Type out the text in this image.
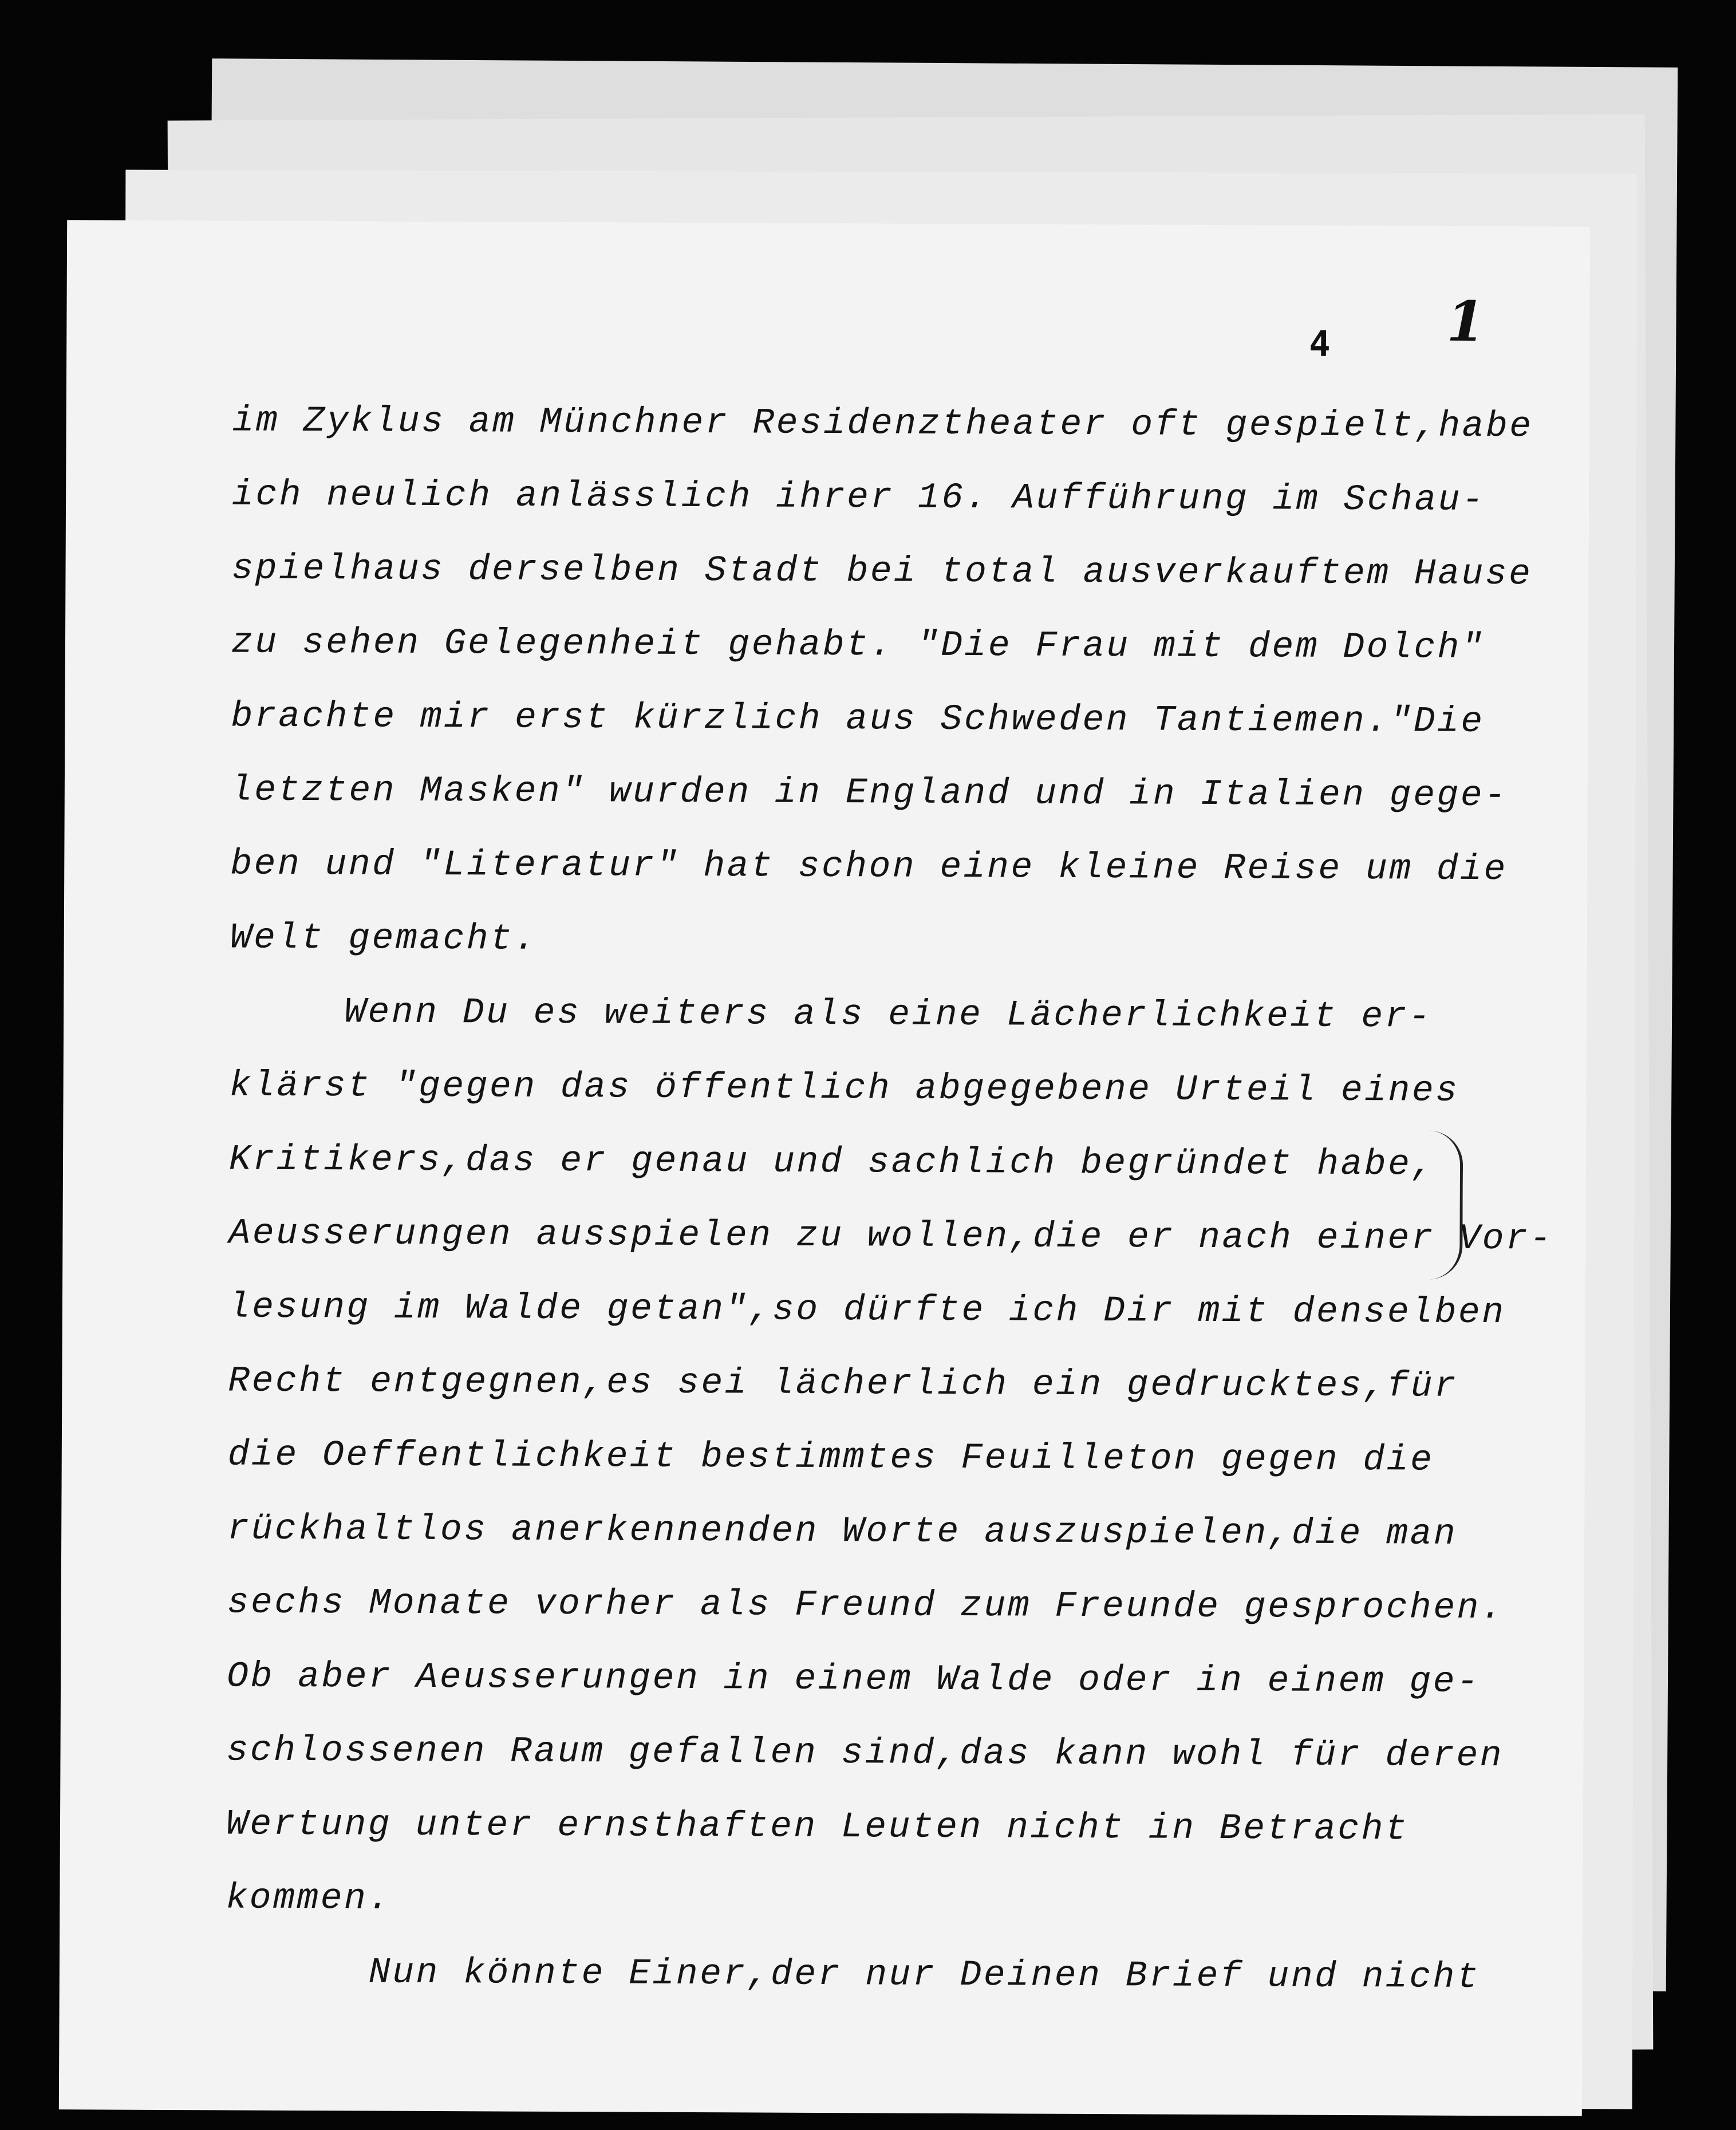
4 1
im Zyklus am Münchner Residenztheater oft gespielt,habe
ich neulich anlässlich ihrer 16. Aufführung im Schau-
spielhaus derselben Stadt bei total ausverkauftem Hause
zu sehen Gelegenheit gehabt. "Die Frau mit dem Dolch"
brachte mir erst kürzlich aus Schweden Tantiemen."Die
letzten Masken" wurden in England und in Italien gege-
ben und "Literatur" hat schon eine kleine Reise um die
Welt gemacht.
Wenn Du es weiters als eine Lächerlichkeit er-
klärst "gegen das öffentlich abgegebene Urteil eines
Kritikers,das er genau und sachlich begründet habe,
Aeusserungen ausspielen zu wollen,die er nach einer Vor-
lesung im Walde getan",so dürfte ich Dir mit denselben
Recht entgegnen,es sei lächerlich ein gedrucktes,für
die Oeffentlichkeit bestimmtes Feuilleton gegen die
rückhaltlos anerkennenden Worte auszuspielen,die man
sechs Monate vorher als Freund zum Freunde gesprochen.
Ob aber Aeusserungen in einem Walde oder in einem ge-
schlossenen Raum gefallen sind,das kann wohl für deren
Wertung unter ernsthaften Leuten nicht in Betracht
kommen.
Nun könnte Einer,der nur Deinen Brief und nicht
